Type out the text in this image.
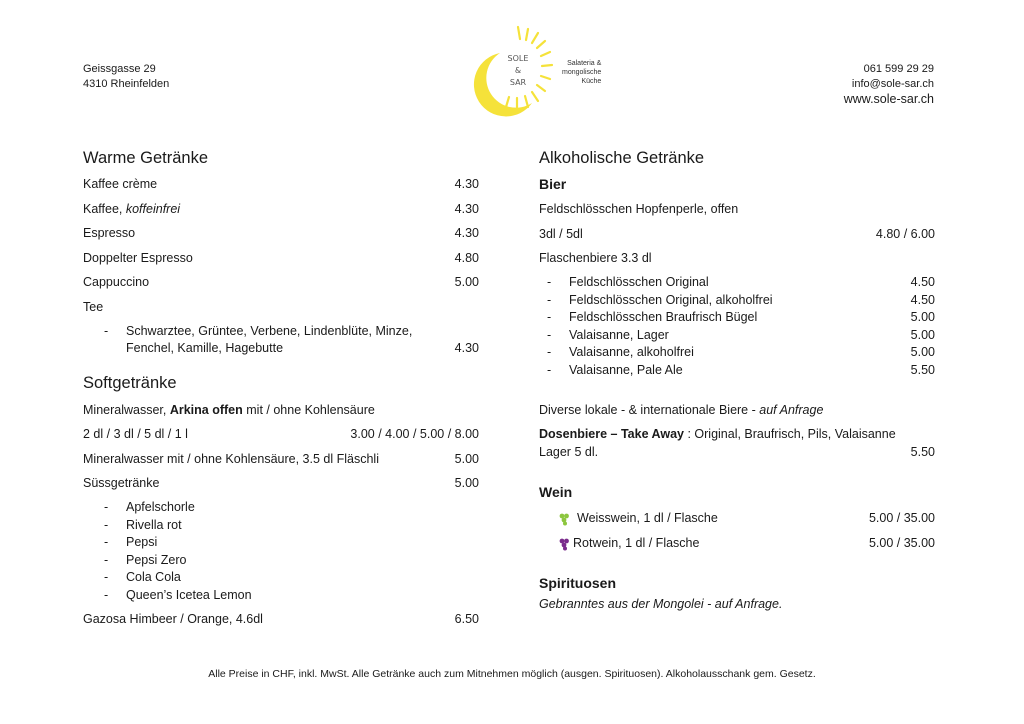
Geissgasse 29
4310 Rheinfelden
SOLE
&
SAR
Salateria &
mongolische
Küche
061 599 29 29
info@sole-sar.ch
www.sole-sar.ch
Warme Getränke
Kaffee crème	4.30
Kaffee, koffeinfrei	4.30
Espresso	4.30
Doppelter Espresso	4.80
Cappuccino	5.00
Tee
- Schwarztee, Grüntee, Verbene, Lindenblüte, Minze,
Fenchel, Kamille, Hagebutte	4.30
Softgetränke
Mineralwasser, Arkina offen mit / ohne Kohlensäure
2 dl / 3 dl / 5 dl / 1 l	3.00 / 4.00 / 5.00 / 8.00
Mineralwasser mit / ohne Kohlensäure, 3.5 dl Fläschli	5.00
Süssgetränke	5.00
- Apfelschorle
- Rivella rot
- Pepsi
- Pepsi Zero
- Cola Cola
- Queen’s Icetea Lemon
Gazosa Himbeer / Orange, 4.6dl	6.50
Alkoholische Getränke
Bier
Feldschlösschen Hopfenperle, offen
3dl / 5dl	4.80 / 6.00
Flaschenbiere 3.3 dl
- Feldschlösschen Original	4.50
- Feldschlösschen Original, alkoholfrei	4.50
- Feldschlösschen Braufrisch Bügel	5.00
- Valaisanne, Lager	5.00
- Valaisanne, alkoholfrei	5.00
- Valaisanne, Pale Ale	5.50
Diverse lokale - & internationale Biere - auf Anfrage
Dosenbiere – Take Away : Original, Braufrisch, Pils, Valaisanne
Lager 5 dl.	5.50
Wein
Weisswein, 1 dl / Flasche	5.00 / 35.00
Rotwein, 1 dl / Flasche	5.00 / 35.00
Spirituosen
Gebranntes aus der Mongolei - auf Anfrage.
Alle Preise in CHF, inkl. MwSt. Alle Getränke auch zum Mitnehmen möglich (ausgen. Spirituosen). Alkoholausschank gem. Gesetz.
